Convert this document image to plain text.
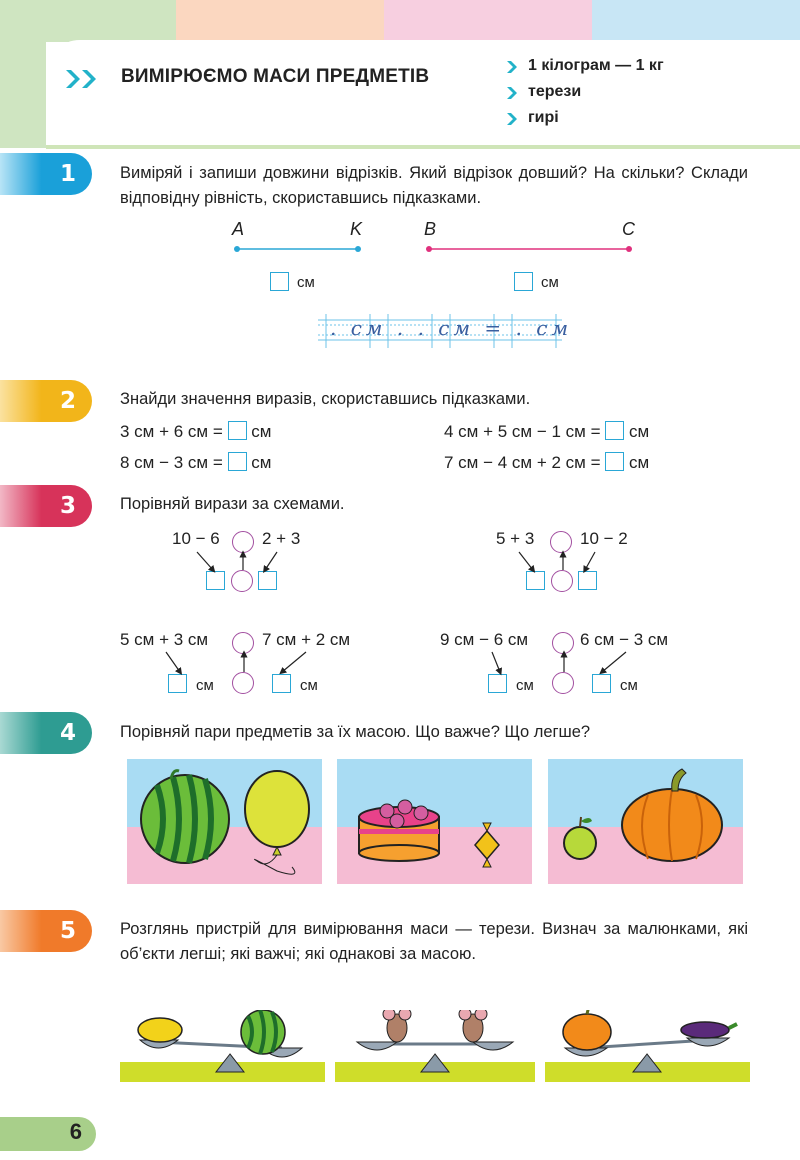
ВИМІРЮЄМО МАСИ ПРЕДМЕТІВ
1 кілограм — 1 кг
терези
гирі
1	Виміряй і запиши довжини відрізків. Який відрізок довший? На скільки? Склади відповідну рівність, скориставшись підказками.
A	K	B	C
см	см
. см . . см = . см
2	Знайди значення виразів, скориставшись підказками.
3 см + 6 см = см
8 см − 3 см = см
4 см + 5 см − 1 см = см
7 см − 4 см + 2 см = см
3	Порівняй вирази за схемами.
10 − 6 2 + 3	5 + 3	10 − 2
5 см + 3 см	7 см + 2 см
см	см
9 см − 6 см	6 см − 3 см
см	см
4	Порівняй пари предметів за їх масою. Що важче? Що легше?
5	Розглянь пристрій для вимірювання маси — терези. Визнач за малюнками, які об’єкти легші; які важчі; які однакові за масою.
6
